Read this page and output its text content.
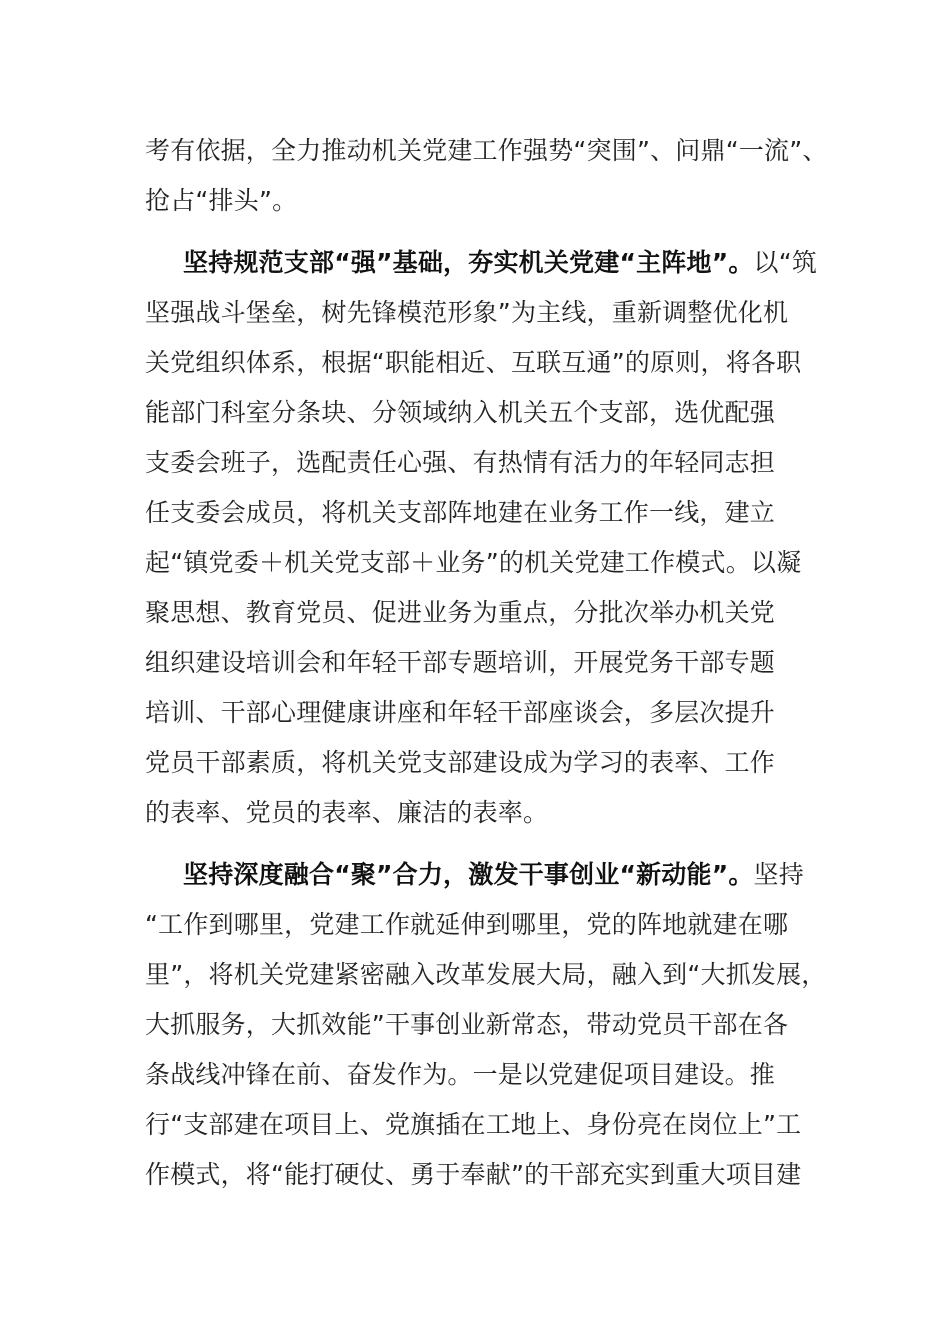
考有依据，全力推动机关党建工作强势“突围”、问鼎“一流”、
抢占“排头”。
坚持规范支部“强”基础，夯实机关党建“主阵地”。以“筑
坚强战斗堡垒，树先锋模范形象”为主线，重新调整优化机
关党组织体系，根据“职能相近、互联互通”的原则，将各职
能部门科室分条块、分领域纳入机关五个支部，选优配强
支委会班子，选配责任心强、有热情有活力的年轻同志担
任支委会成员，将机关支部阵地建在业务工作一线，建立
起“镇党委＋机关党支部＋业务”的机关党建工作模式。以凝
聚思想、教育党员、促进业务为重点，分批次举办机关党
组织建设培训会和年轻干部专题培训，开展党务干部专题
培训、干部心理健康讲座和年轻干部座谈会，多层次提升
党员干部素质，将机关党支部建设成为学习的表率、工作
的表率、党员的表率、廉洁的表率。
坚持深度融合“聚”合力，激发干事创业“新动能”。坚持
“工作到哪里，党建工作就延伸到哪里，党的阵地就建在哪
里”，将机关党建紧密融入改革发展大局，融入到“大抓发展，
大抓服务，大抓效能”干事创业新常态，带动党员干部在各
条战线冲锋在前、奋发作为。一是以党建促项目建设。推
行“支部建在项目上、党旗插在工地上、身份亮在岗位上”工
作模式，将“能打硬仗、勇于奉献”的干部充实到重大项目建
